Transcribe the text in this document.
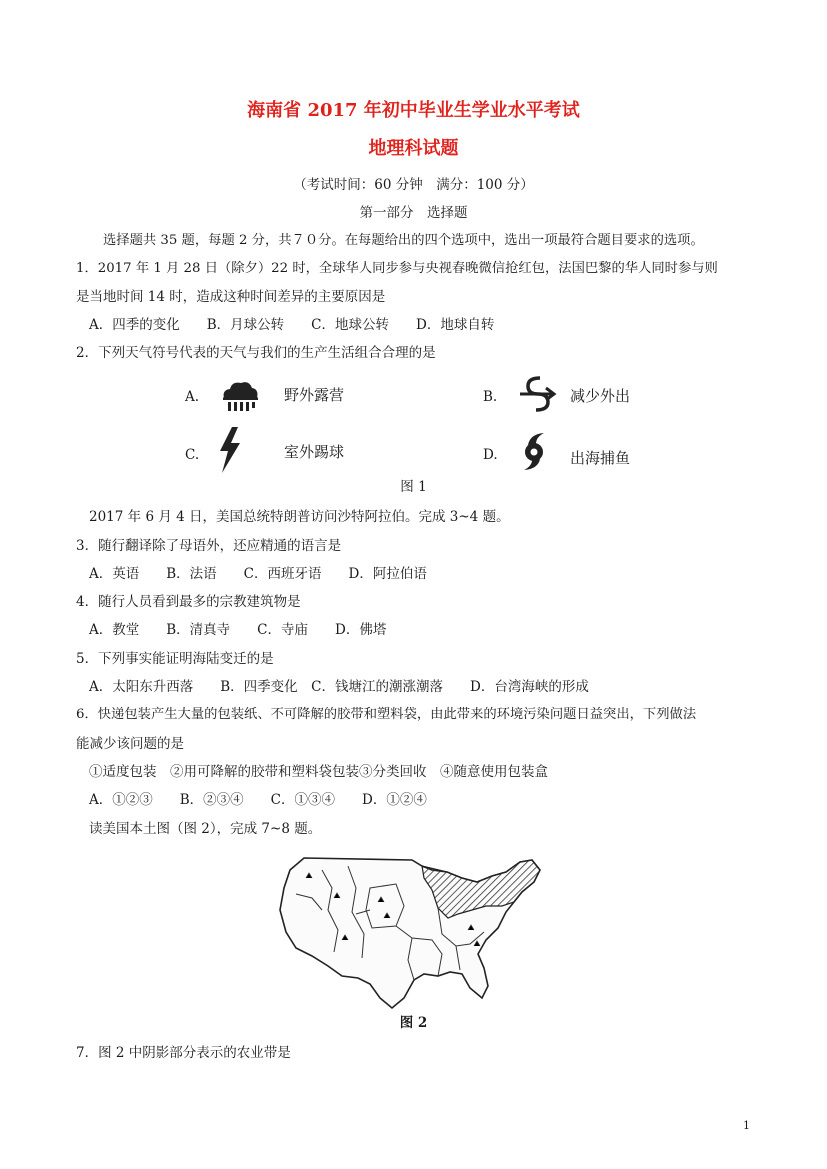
海南省 2017 年初中毕业生学业水平考试
地理科试题
（考试时间：60 分钟　满分：100 分）
第一部分　选择题
选择题共 35 题，每题 2 分，共７０分。在每题给出的四个选项中，选出一项最符合题目要求的选项。
1．2017 年 1 月 28 日（除夕）22 时，全球华人同步参与央视春晚微信抢红包，法国巴黎的华人同时参与则
是当地时间 14 时，造成这种时间差异的主要原因是
A．四季的变化　　B．月球公转　　C．地球公转　　D．地球自转
2．下列天气符号代表的天气与我们的生产生活组合合理的是
A.	野外露营	B.	减少外出
C.	室外踢球	D.	出海捕鱼
图 1
2017 年 6 月 4 日，美国总统特朗普访问沙特阿拉伯。完成 3~4 题。
3．随行翻译除了母语外，还应精通的语言是
A．英语　　B．法语　　C．西班牙语　　D．阿拉伯语
4．随行人员看到最多的宗教建筑物是
A．教堂　　B．清真寺　　C．寺庙　　D．佛塔
5．下列事实能证明海陆变迁的是
A．太阳东升西落　　B．四季变化　C．钱塘江的潮涨潮落　　D．台湾海峡的形成
6．快递包装产生大量的包装纸、不可降解的胶带和塑料袋，由此带来的环境污染问题日益突出，下列做法
能减少该问题的是
①适度包装　②用可降解的胶带和塑料袋包装③分类回收　④随意使用包装盒
A．①②③　　B．②③④　　C．①③④　　D．①②④
读美国本土图（图 2），完成 7~8 题。
图 2
7．图 2 中阴影部分表示的农业带是
1
